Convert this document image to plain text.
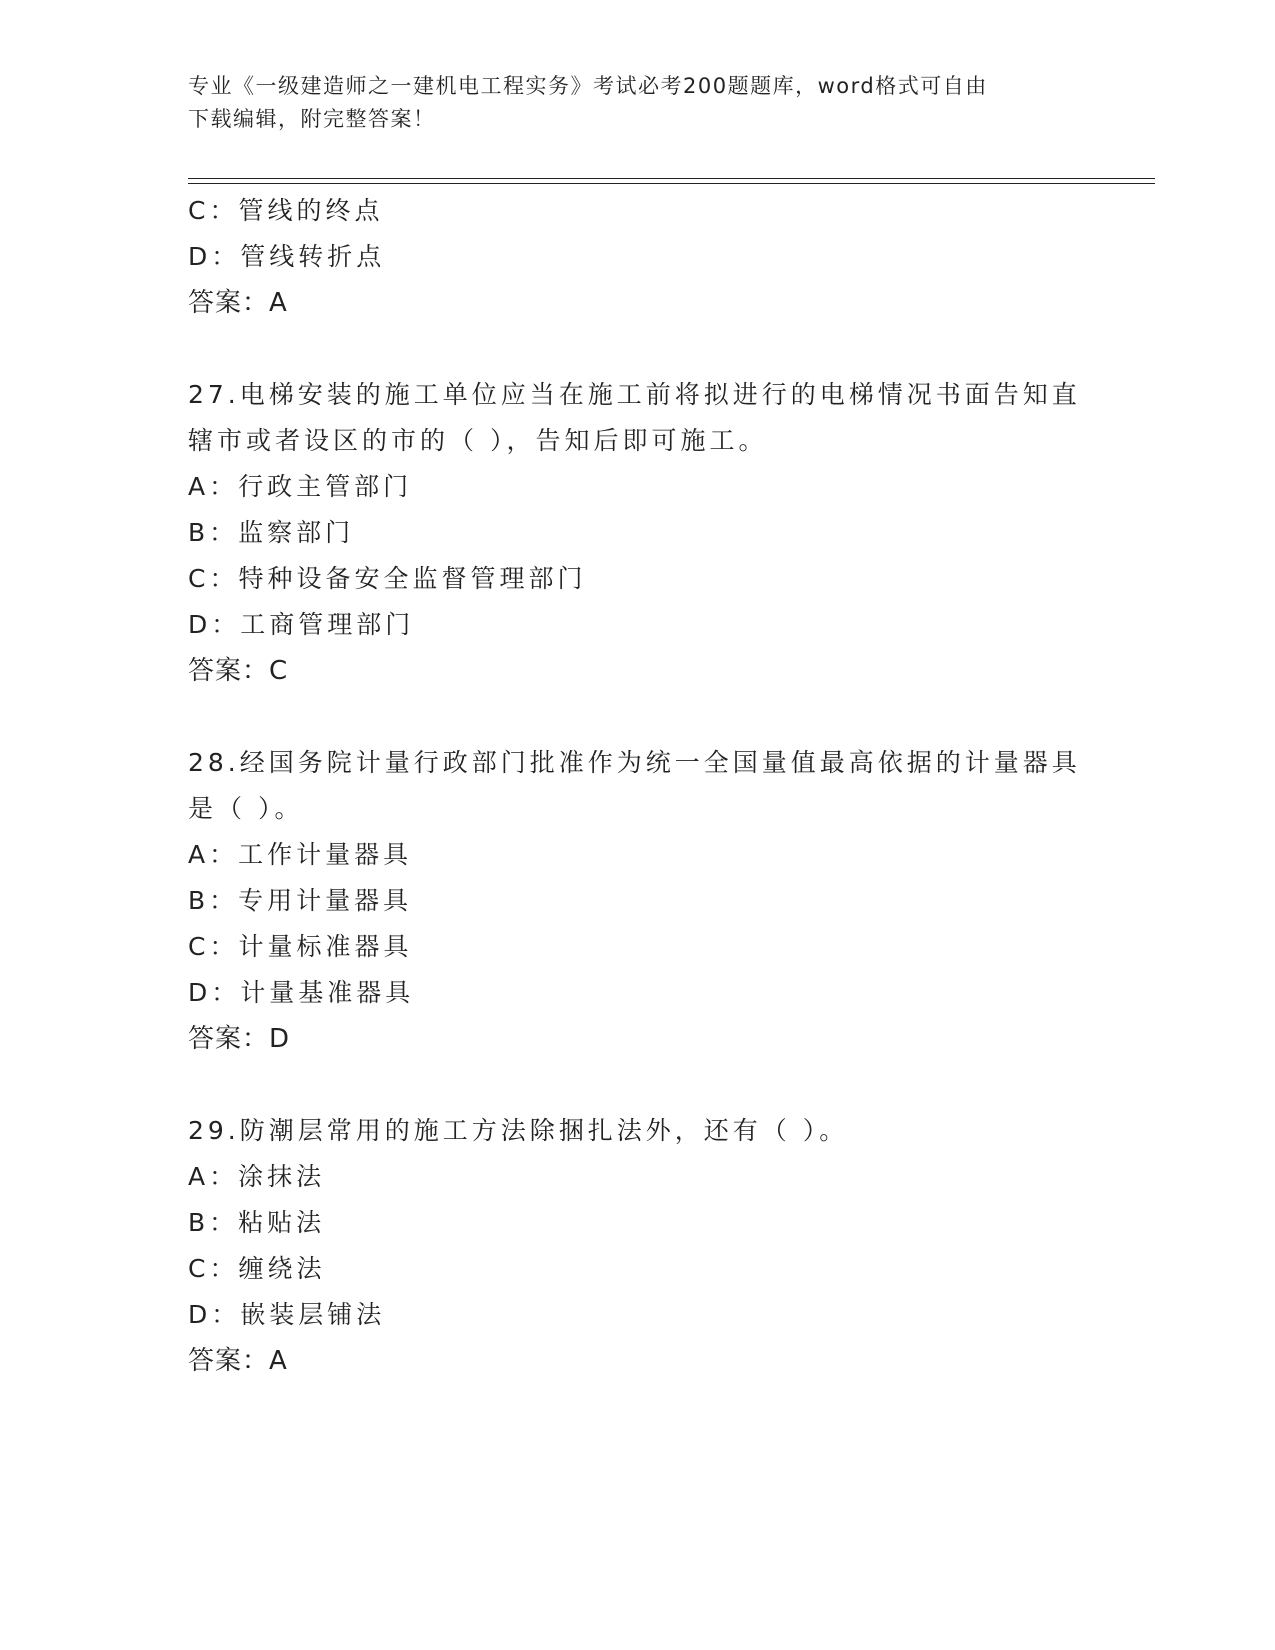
专业《一级建造师之一建机电工程实务》考试必考200题题库，word格式可自由
下载编辑，附完整答案！
C：管线的终点
D：管线转折点
答案：A
27.电梯安装的施工单位应当在施工前将拟进行的电梯情况书面告知直
辖市或者设区的市的（ ），告知后即可施工。
A：行政主管部门
B：监察部门
C：特种设备安全监督管理部门
D：工商管理部门
答案：C
28.经国务院计量行政部门批准作为统一全国量值最高依据的计量器具
是（ ）。
A：工作计量器具
B：专用计量器具
C：计量标准器具
D：计量基准器具
答案：D
29.防潮层常用的施工方法除捆扎法外，还有（ ）。
A：涂抹法
B：粘贴法
C：缠绕法
D：嵌装层铺法
答案：A
